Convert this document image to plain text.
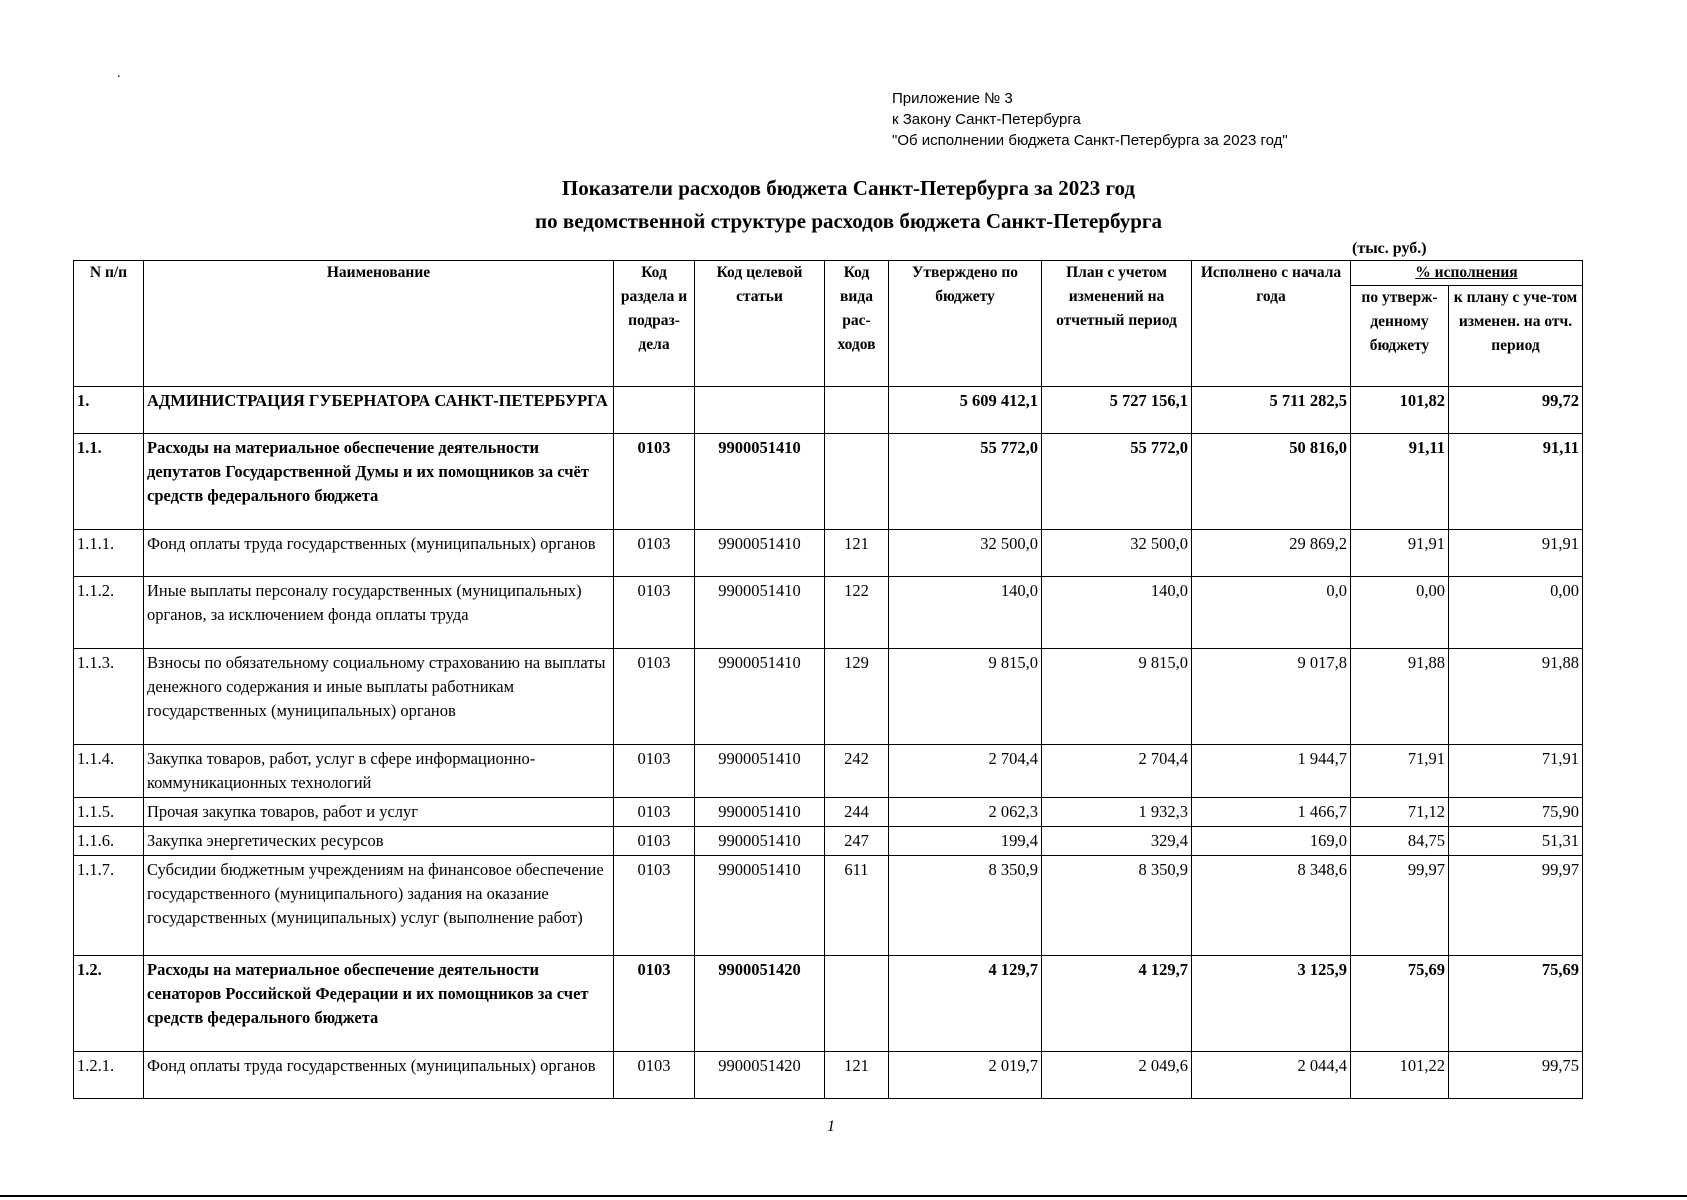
.
Приложение № 3
к Закону Санкт-Петербурга
"Об исполнении бюджета Санкт-Петербурга за 2023 год"
Показатели расходов бюджета Санкт-Петербурга за 2023 год
по ведомственной структуре расходов бюджета Санкт-Петербурга
(тыс. руб.)
N п/п	Наименование	Код раздела и подраз-дела	Код целевой статьи	Код вида рас-ходов	Утверждено по бюджету	План с учетом изменений на отчетный период	Исполнено с начала года	% исполнения	
								по утверж-денному бюджету	к плану с уче-том изменен. на отч. период
1.	АДМИНИСТРАЦИЯ ГУБЕРНАТОРА САНКТ-ПЕТЕРБУРГА				5 609 412,1	5 727 156,1	5 711 282,5	101,82	99,72
1.1.	Расходы на материальное обеспечение деятельности депутатов Государственной Думы и их помощников за счёт средств федерального бюджета	0103	9900051410		55 772,0	55 772,0	50 816,0	91,11	91,11
1.1.1.	Фонд оплаты труда государственных (муниципальных) органов	0103	9900051410	121	32 500,0	32 500,0	29 869,2	91,91	91,91
1.1.2.	Иные выплаты персоналу государственных (муниципальных) органов, за исключением фонда оплаты труда	0103	9900051410	122	140,0	140,0	0,0	0,00	0,00
1.1.3.	Взносы по обязательному социальному страхованию на выплаты денежного содержания и иные выплаты работникам государственных (муниципальных) органов	0103	9900051410	129	9 815,0	9 815,0	9 017,8	91,88	91,88
1.1.4.	Закупка товаров, работ, услуг в сфере информационно-коммуникационных технологий	0103	9900051410	242	2 704,4	2 704,4	1 944,7	71,91	71,91
1.1.5.	Прочая закупка товаров, работ и услуг	0103	9900051410	244	2 062,3	1 932,3	1 466,7	71,12	75,90
1.1.6.	Закупка энергетических ресурсов	0103	9900051410	247	199,4	329,4	169,0	84,75	51,31
1.1.7.	Субсидии бюджетным учреждениям на финансовое обеспечение государственного (муниципального) задания на оказание государственных (муниципальных) услуг (выполнение работ)	0103	9900051410	611	8 350,9	8 350,9	8 348,6	99,97	99,97
1.2.	Расходы на материальное обеспечение деятельности сенаторов Российской Федерации и их помощников за счет средств федерального бюджета	0103	9900051420		4 129,7	4 129,7	3 125,9	75,69	75,69
1.2.1.	Фонд оплаты труда государственных (муниципальных) органов	0103	9900051420	121	2 019,7	2 049,6	2 044,4	101,22	99,75
1
